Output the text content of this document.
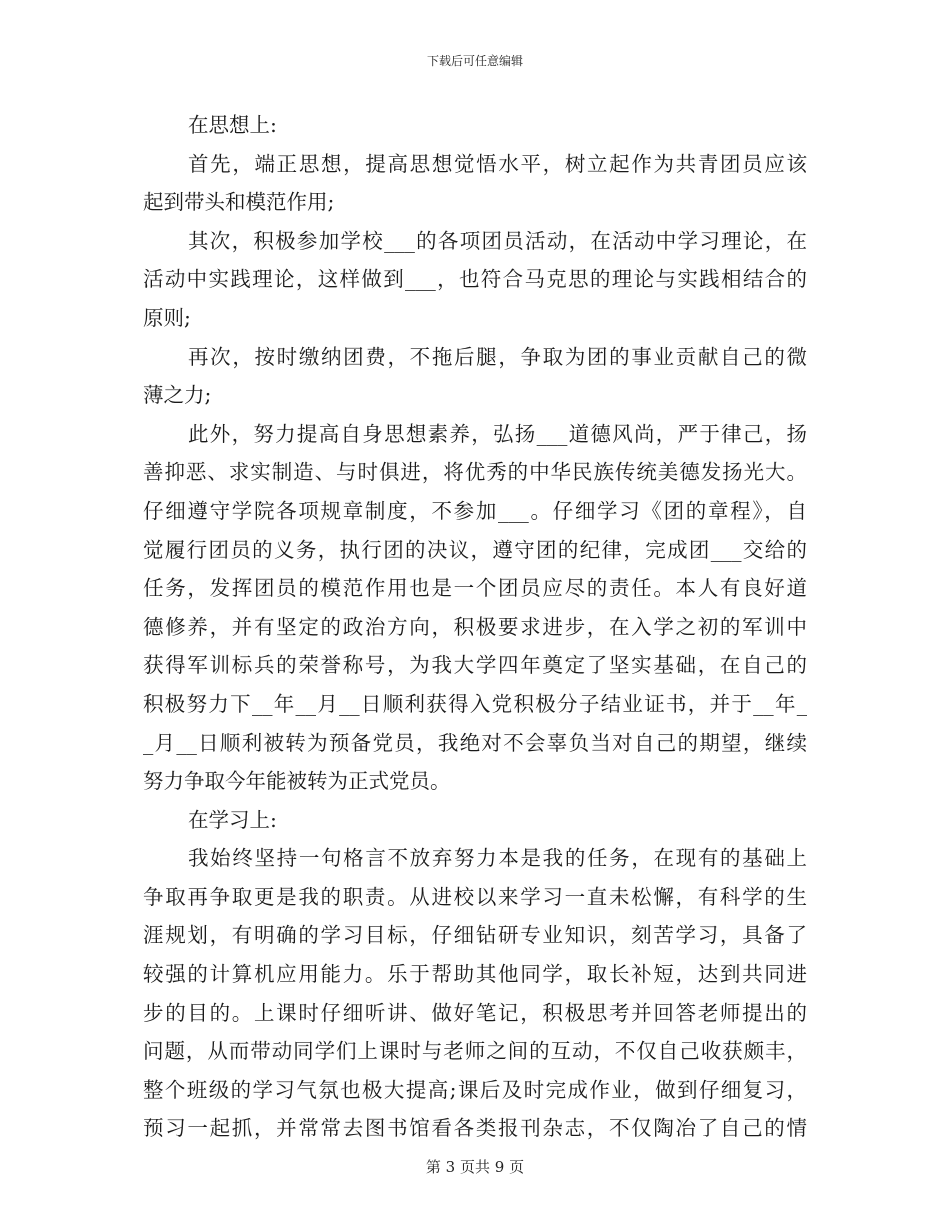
下载后可任意编辑
在思想上:
首先，端正思想，提高思想觉悟水平，树立起作为共青团员应该
起到带头和模范作用;
其次，积极参加学校___的各项团员活动，在活动中学习理论，在
活动中实践理论，这样做到___，也符合马克思的理论与实践相结合的
原则;
再次，按时缴纳团费，不拖后腿，争取为团的事业贡献自己的微
薄之力;
此外，努力提高自身思想素养，弘扬___道德风尚，严于律己，扬
善抑恶、求实制造、与时俱进，将优秀的中华民族传统美德发扬光大。
仔细遵守学院各项规章制度，不参加___。仔细学习《团的章程》，自
觉履行团员的义务，执行团的决议，遵守团的纪律，完成团___交给的
任务，发挥团员的模范作用也是一个团员应尽的责任。本人有良好道
德修养，并有坚定的政治方向，积极要求进步，在入学之初的军训中
获得军训标兵的荣誉称号，为我大学四年奠定了坚实基础，在自己的
积极努力下__年__月__日顺利获得入党积极分子结业证书，并于__年_
_月__日顺利被转为预备党员，我绝对不会辜负当对自己的期望，继续
努力争取今年能被转为正式党员。
在学习上:
我始终坚持一句格言不放弃努力本是我的任务，在现有的基础上
争取再争取更是我的职责。从进校以来学习一直未松懈，有科学的生
涯规划，有明确的学习目标，仔细钻研专业知识，刻苦学习，具备了
较强的计算机应用能力。乐于帮助其他同学，取长补短，达到共同进
步的目的。上课时仔细听讲、做好笔记，积极思考并回答老师提出的
问题，从而带动同学们上课时与老师之间的互动，不仅自己收获颇丰，
整个班级的学习气氛也极大提高;课后及时完成作业，做到仔细复习，
预习一起抓，并常常去图书馆看各类报刊杂志，不仅陶冶了自己的情
第 3 页共 9 页
